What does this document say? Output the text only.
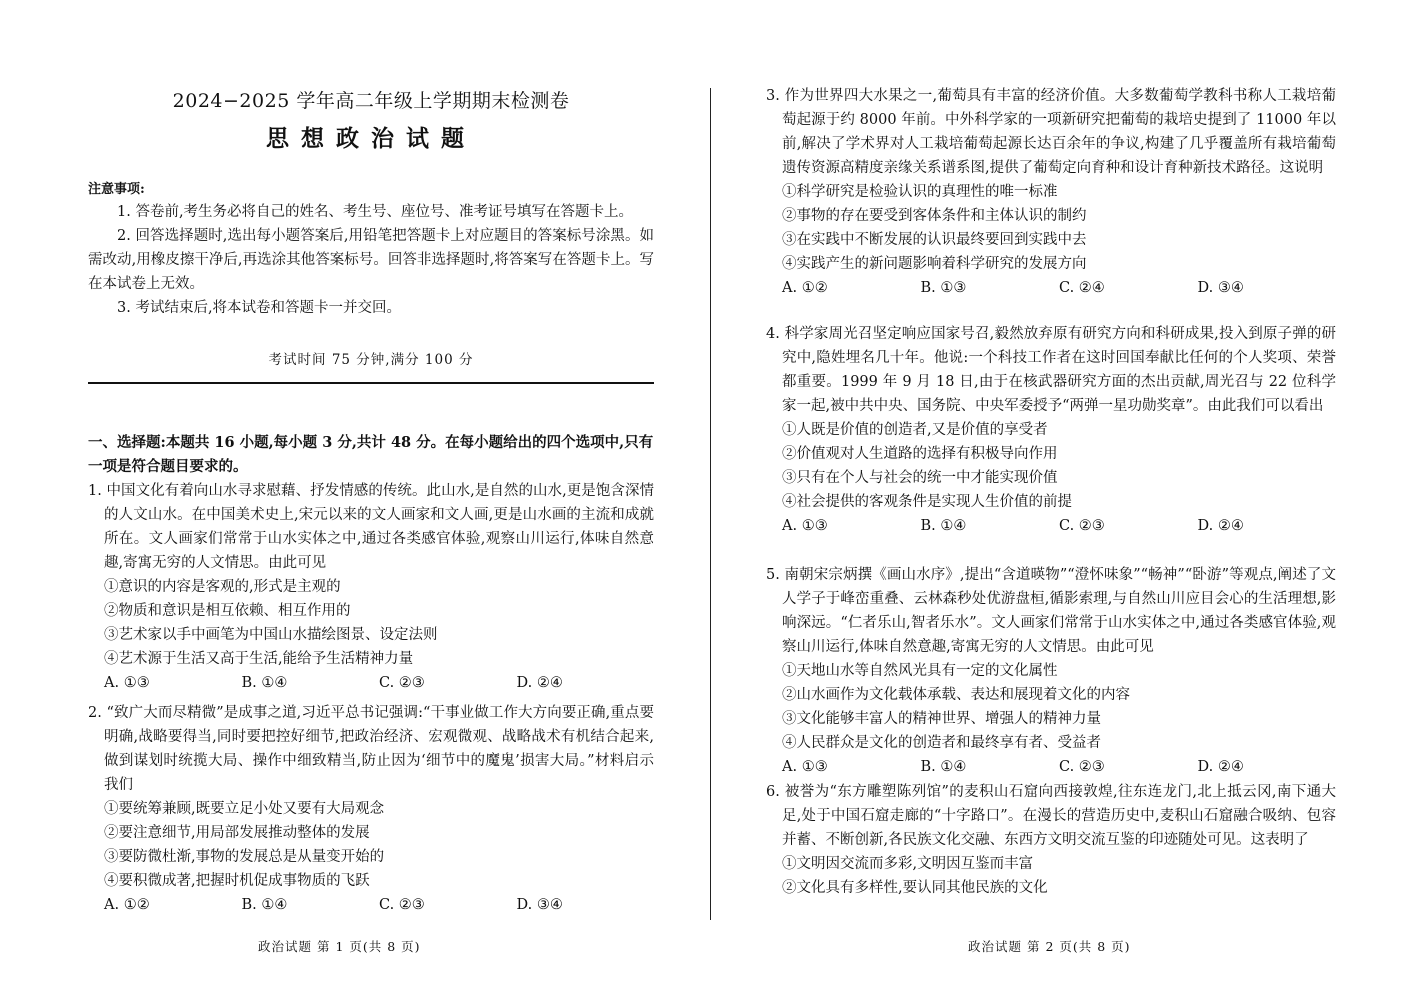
2024−2025 学年高二年级上学期期末检测卷
思想政治试题
注意事项:

1. 答卷前,考生务必将自己的姓名、考生号、座位号、准考证号填写在答题卡上。

2. 回答选择题时,选出每小题答案后,用铅笔把答题卡上对应题目的答案标号涂黑。如需改动,用橡皮擦干净后,再选涂其他答案标号。回答非选择题时,将答案写在答题卡上。写在本试卷上无效。

3. 考试结束后,将本试卷和答题卡一并交回。

考试时间 75 分钟,满分 100 分
一、选择题:本题共 16 小题,每小题 3 分,共计 48 分。在每小题给出的四个选项中,只有一项是符合题目要求的。

1. 中国文化有着向山水寻求慰藉、抒发情感的传统。此山水,是自然的山水,更是饱含深情的人文山水。在中国美术史上,宋元以来的文人画家和文人画,更是山水画的主流和成就所在。文人画家们常常于山水实体之中,通过各类感官体验,观察山川运行,体味自然意趣,寄寓无穷的人文情思。由此可见

①意识的内容是客观的,形式是主观的

②物质和意识是相互依赖、相互作用的

③艺术家以手中画笔为中国山水描绘图景、设定法则

④艺术源于生活又高于生活,能给予生活精神力量

A. ①③	B. ①④	C. ②③	D. ②④

2. “致广大而尽精微”是成事之道,习近平总书记强调:“干事业做工作大方向要正确,重点要明确,战略要得当,同时要把控好细节,把政治经济、宏观微观、战略战术有机结合起来,做到谋划时统揽大局、操作中细致精当,防止因为‘细节中的魔鬼’损害大局。”材料启示我们

①要统筹兼顾,既要立足小处又要有大局观念

②要注意细节,用局部发展推动整体的发展

③要防微杜渐,事物的发展总是从量变开始的

④要积微成著,把握时机促成事物质的飞跃

A. ①②	B. ①④	C. ②③	D. ③④
政治试题 第 1 页(共 8 页)

3. 作为世界四大水果之一,葡萄具有丰富的经济价值。大多数葡萄学教科书称人工栽培葡萄起源于约 8000 年前。中外科学家的一项新研究把葡萄的栽培史提到了 11000 年以前,解决了学术界对人工栽培葡萄起源长达百余年的争议,构建了几乎覆盖所有栽培葡萄遗传资源高精度亲缘关系谱系图,提供了葡萄定向育种和设计育种新技术路径。这说明

①科学研究是检验认识的真理性的唯一标准

②事物的存在要受到客体条件和主体认识的制约

③在实践中不断发展的认识最终要回到实践中去

④实践产生的新问题影响着科学研究的发展方向

A. ①②	B. ①③	C. ②④	D. ③④

4. 科学家周光召坚定响应国家号召,毅然放弃原有研究方向和科研成果,投入到原子弹的研究中,隐姓埋名几十年。他说:一个科技工作者在这时回国奉献比任何的个人奖项、荣誉都重要。1999 年 9 月 18 日,由于在核武器研究方面的杰出贡献,周光召与 22 位科学家一起,被中共中央、国务院、中央军委授予“两弹一星功勋奖章”。由此我们可以看出

①人既是价值的创造者,又是价值的享受者

②价值观对人生道路的选择有积极导向作用

③只有在个人与社会的统一中才能实现价值

④社会提供的客观条件是实现人生价值的前提

A. ①③	B. ①④	C. ②③	D. ②④

5. 南朝宋宗炳撰《画山水序》,提出“含道暎物”“澄怀味象”“畅神”“卧游”等观点,阐述了文人学子于峰峦重叠、云林森秒处优游盘桓,循影索理,与自然山川应目会心的生活理想,影响深远。“仁者乐山,智者乐水”。文人画家们常常于山水实体之中,通过各类感官体验,观察山川运行,体味自然意趣,寄寓无穷的人文情思。由此可见

①天地山水等自然风光具有一定的文化属性

②山水画作为文化载体承载、表达和展现着文化的内容

③文化能够丰富人的精神世界、增强人的精神力量

④人民群众是文化的创造者和最终享有者、受益者

A. ①③	B. ①④	C. ②③	D. ②④

6. 被誉为“东方雕塑陈列馆”的麦积山石窟向西接敦煌,往东连龙门,北上抵云冈,南下通大足,处于中国石窟走廊的“十字路口”。在漫长的营造历史中,麦积山石窟融合吸纳、包容并蓄、不断创新,各民族文化交融、东西方文明交流互鉴的印迹随处可见。这表明了

①文明因交流而多彩,文明因互鉴而丰富

②文化具有多样性,要认同其他民族的文化

政治试题 第 2 页(共 8 页)
